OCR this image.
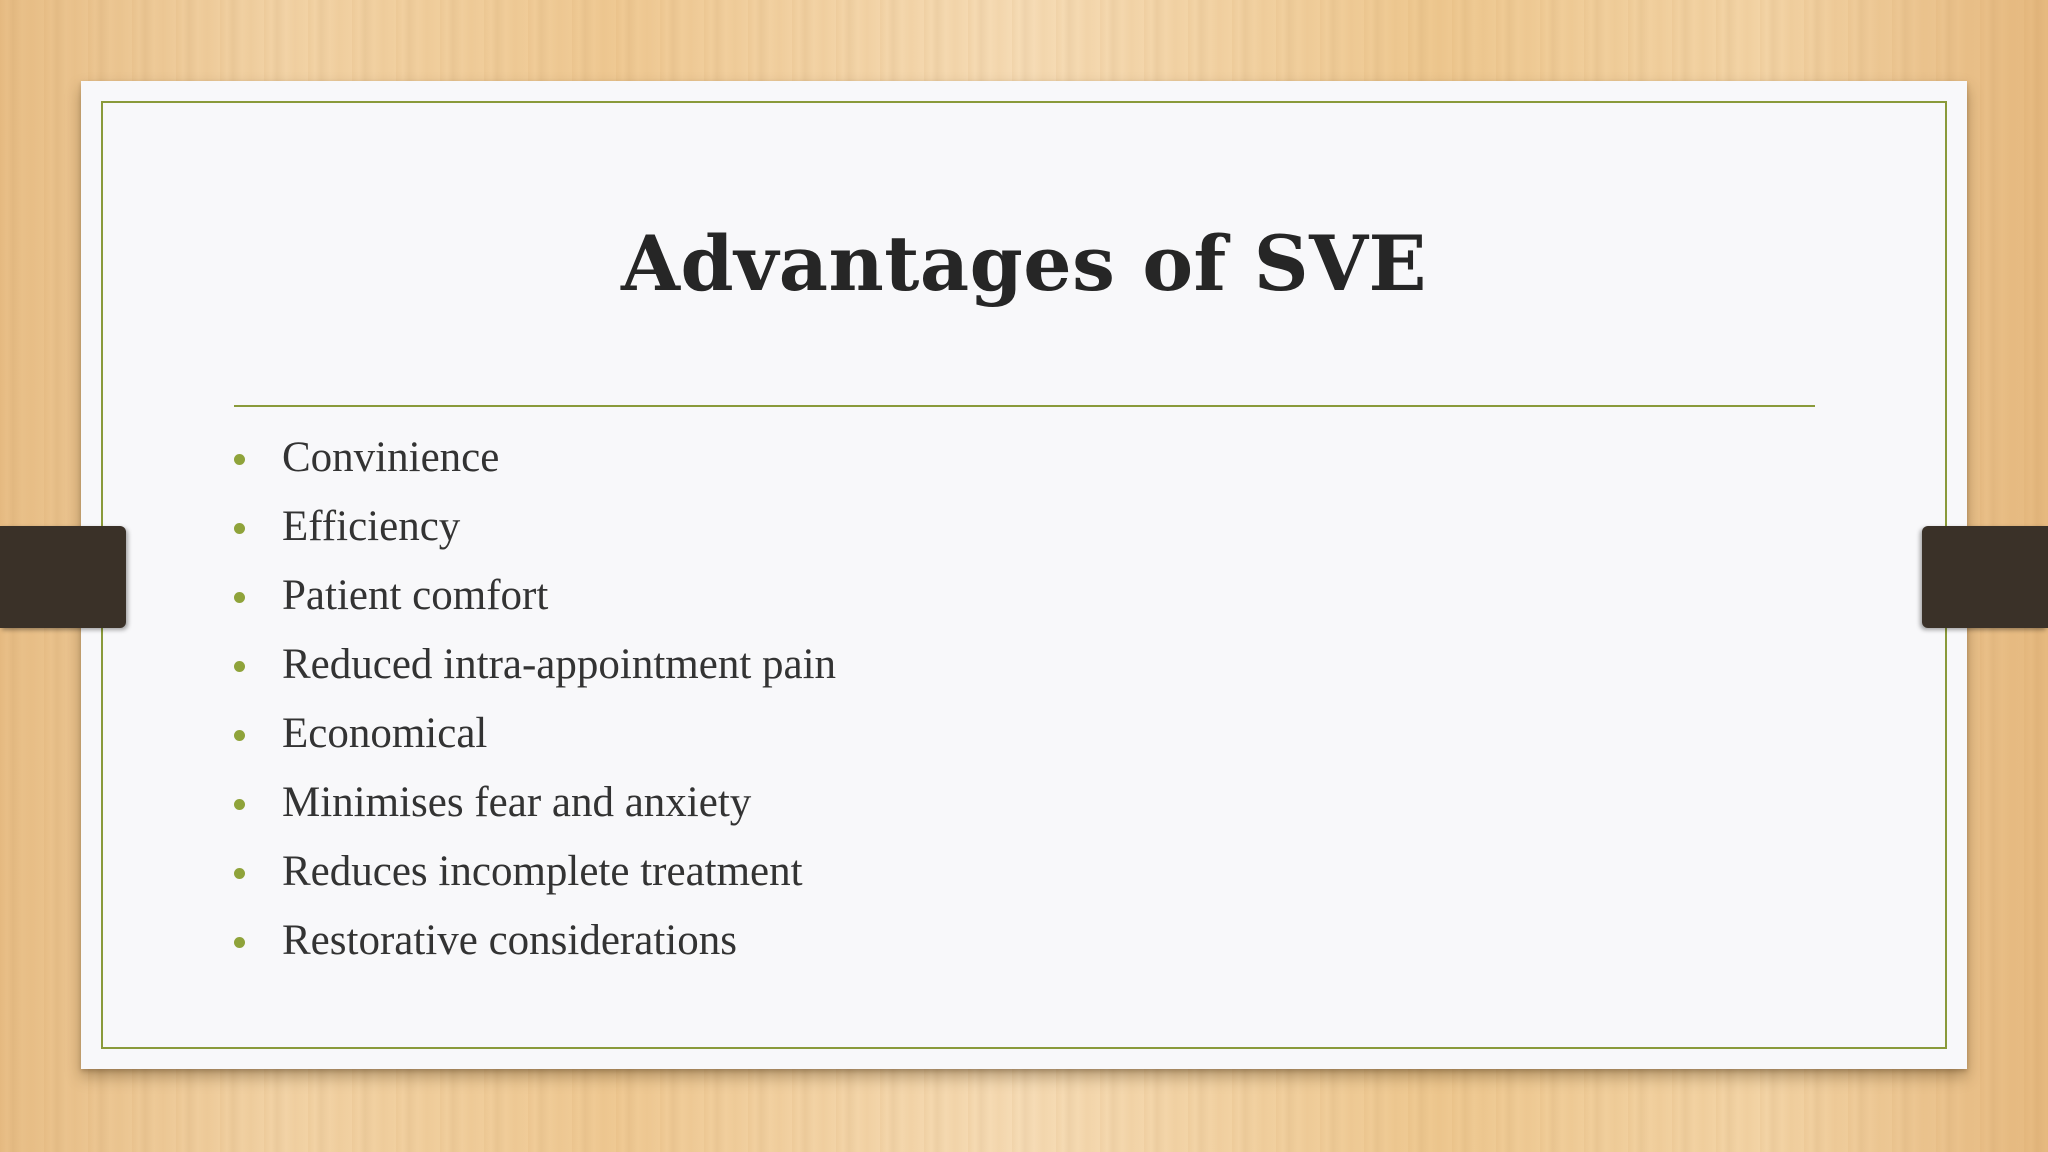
Advantages of SVE
Convinience
Efficiency
Patient comfort
Reduced intra-appointment pain
Economical
Minimises fear and anxiety
Reduces incomplete treatment
Restorative considerations
